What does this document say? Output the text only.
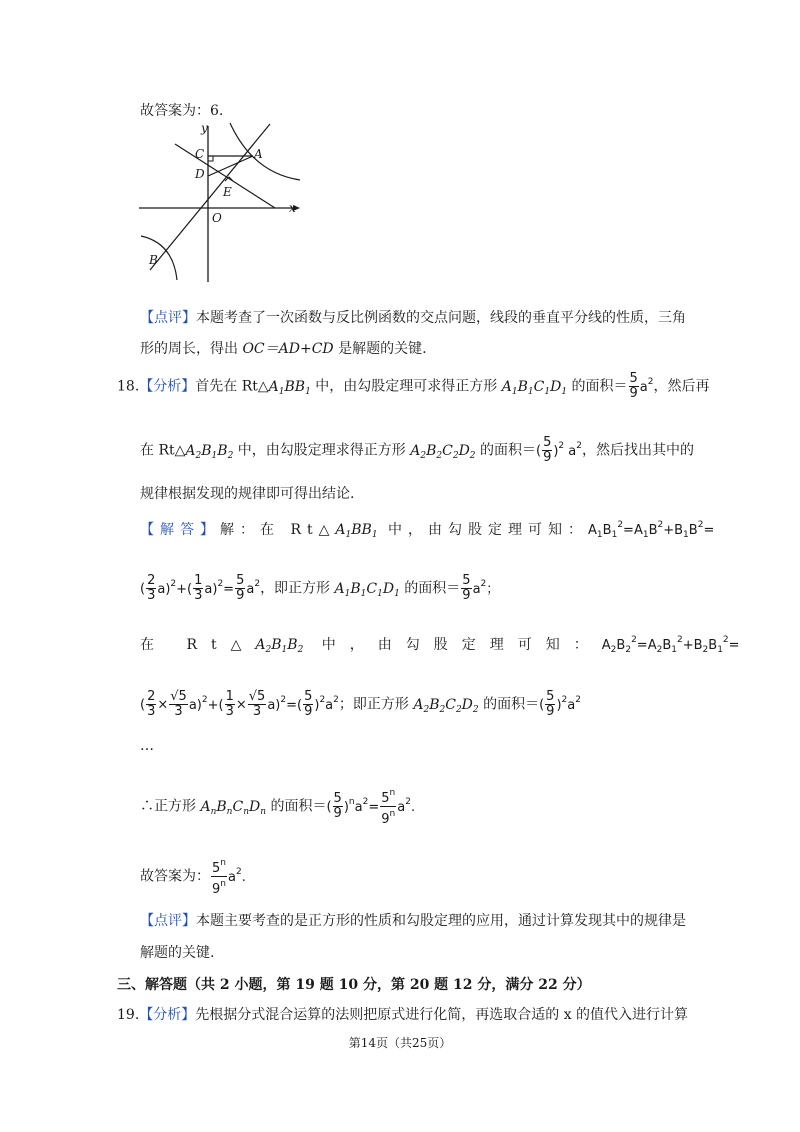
故答案为：6.
y
x
C	A
D
E
O
B
【点评】本题考查了一次函数与反比例函数的交点问题，线段的垂直平分线的性质，三角
形的周长，得出 OC＝AD+CD 是解题的关键.
18.【分析】首先在 $Rt\triangle A_1BB_1$ 中，由勾股定理可求得正方形 $A_1B_1C_1D_1$ 的面积＝ $\frac{5}{9} a^2$，然后再
在 $Rt\triangle A_2B_1B_2$ 中，由勾股定理求得正方形 $A_2B_2C_2D_2$ 的面积＝( $\frac{5}{9} )^2$ $a^2$，然后找出其中的
规律根据发现的规律即可得出结论.
【解答】解：在 $Rt\triangle A_1BB_1$ 中，由勾股定理可知：$A_1B_1^2=A_1B^2+B_1B^2=$
( $\frac{2}{3} a)^2+( \frac{1}{3} a)^2= \frac{5}{9} a^2$，即正方形 $A_1B_1C_1D_1$ 的面积＝ $\frac{5}{9} a^2$；
在 $Rt\triangle A_2B_1B_2$ 中，由勾股定理可知：$A_2B_2^2=A_2B_1^2+B_2B_1^2=$
( $\frac{2}{3} \times \frac{√5}{3} a)^2+( \frac{1}{3} \times \frac{√5}{3} a)^2=( \frac{5}{9} )^2a^2$；即正方形 $A_2B_2C_2D_2$ 的面积＝( $\frac{5}{9} )^2a^2$
…
∴正方形 $A_nB_nC_nD_n$ 的面积＝( $\frac{5}{9} )^na^2= \frac{5^n}{9^n} a^2$.
故答案为： $\frac{5^n}{9^n} a^2$.
【点评】本题主要考查的是正方形的性质和勾股定理的应用，通过计算发现其中的规律是
解题的关键.
三、解答题（共 2 小题，第 19 题 10 分，第 20 题 12 分，满分 22 分）
19.【分析】先根据分式混合运算的法则把原式进行化简，再选取合适的 x 的值代入进行计算
第14页（共25页）
